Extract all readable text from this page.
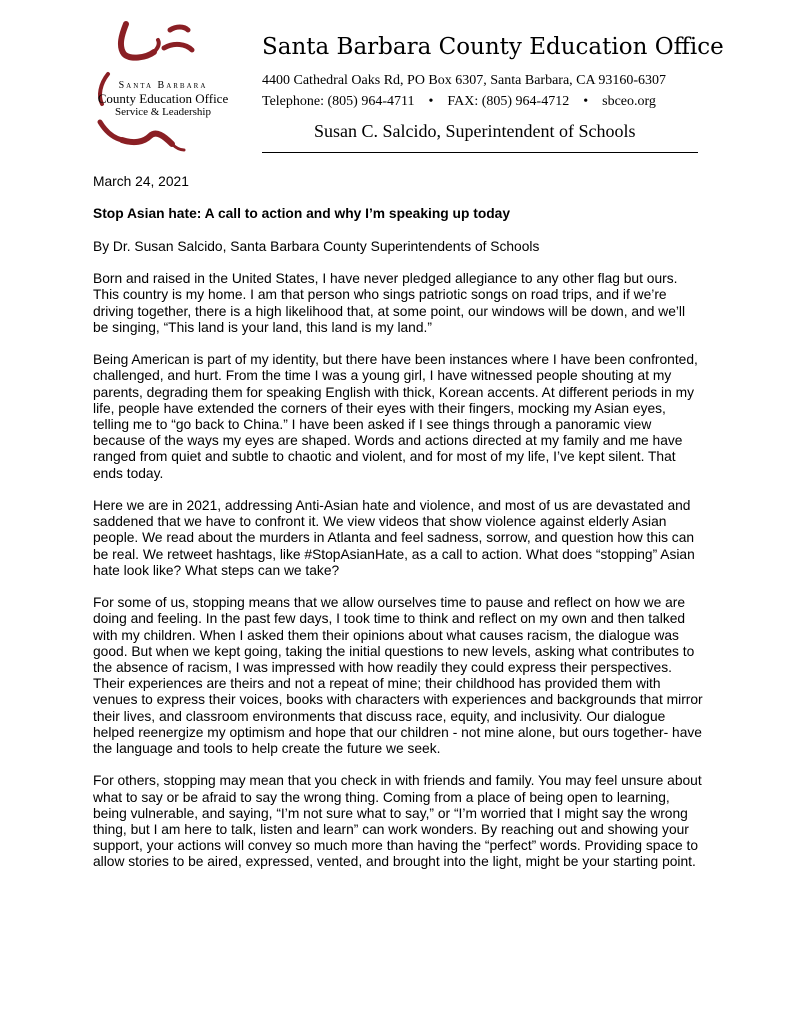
Santa Barbara
County Education Office
Service & Leadership
Santa Barbara County Education Office
4400 Cathedral Oaks Rd, PO Box 6307, Santa Barbara, CA 93160-6307
Telephone: (805) 964-4711 • FAX: (805) 964-4712 • sbceo.org
Susan C. Salcido, Superintendent of Schools

March 24, 2021

Stop Asian hate: A call to action and why I’m speaking up today

By Dr. Susan Salcido, Santa Barbara County Superintendents of Schools

Born and raised in the United States, I have never pledged allegiance to any other flag but ours. This country is my home. I am that person who sings patriotic songs on road trips, and if we’re driving together, there is a high likelihood that, at some point, our windows will be down, and we’ll be singing, “This land is your land, this land is my land.”

Being American is part of my identity, but there have been instances where I have been confronted, challenged, and hurt. From the time I was a young girl, I have witnessed people shouting at my parents, degrading them for speaking English with thick, Korean accents. At different periods in my life, people have extended the corners of their eyes with their fingers, mocking my Asian eyes, telling me to “go back to China.” I have been asked if I see things through a panoramic view because of the ways my eyes are shaped. Words and actions directed at my family and me have ranged from quiet and subtle to chaotic and violent, and for most of my life, I’ve kept silent. That ends today.

Here we are in 2021, addressing Anti-Asian hate and violence, and most of us are devastated and saddened that we have to confront it. We view videos that show violence against elderly Asian people. We read about the murders in Atlanta and feel sadness, sorrow, and question how this can be real. We retweet hashtags, like #StopAsianHate, as a call to action. What does “stopping” Asian hate look like? What steps can we take?

For some of us, stopping means that we allow ourselves time to pause and reflect on how we are doing and feeling. In the past few days, I took time to think and reflect on my own and then talked with my children. When I asked them their opinions about what causes racism, the dialogue was good. But when we kept going, taking the initial questions to new levels, asking what contributes to the absence of racism, I was impressed with how readily they could express their perspectives. Their experiences are theirs and not a repeat of mine; their childhood has provided them with venues to express their voices, books with characters with experiences and backgrounds that mirror their lives, and classroom environments that discuss race, equity, and inclusivity. Our dialogue helped reenergize my optimism and hope that our children - not mine alone, but ours together- have the language and tools to help create the future we seek.

For others, stopping may mean that you check in with friends and family. You may feel unsure about what to say or be afraid to say the wrong thing. Coming from a place of being open to learning, being vulnerable, and saying, “I’m not sure what to say,” or “I’m worried that I might say the wrong thing, but I am here to talk, listen and learn” can work wonders. By reaching out and showing your support, your actions will convey so much more than having the “perfect” words. Providing space to allow stories to be aired, expressed, vented, and brought into the light, might be your starting point.
